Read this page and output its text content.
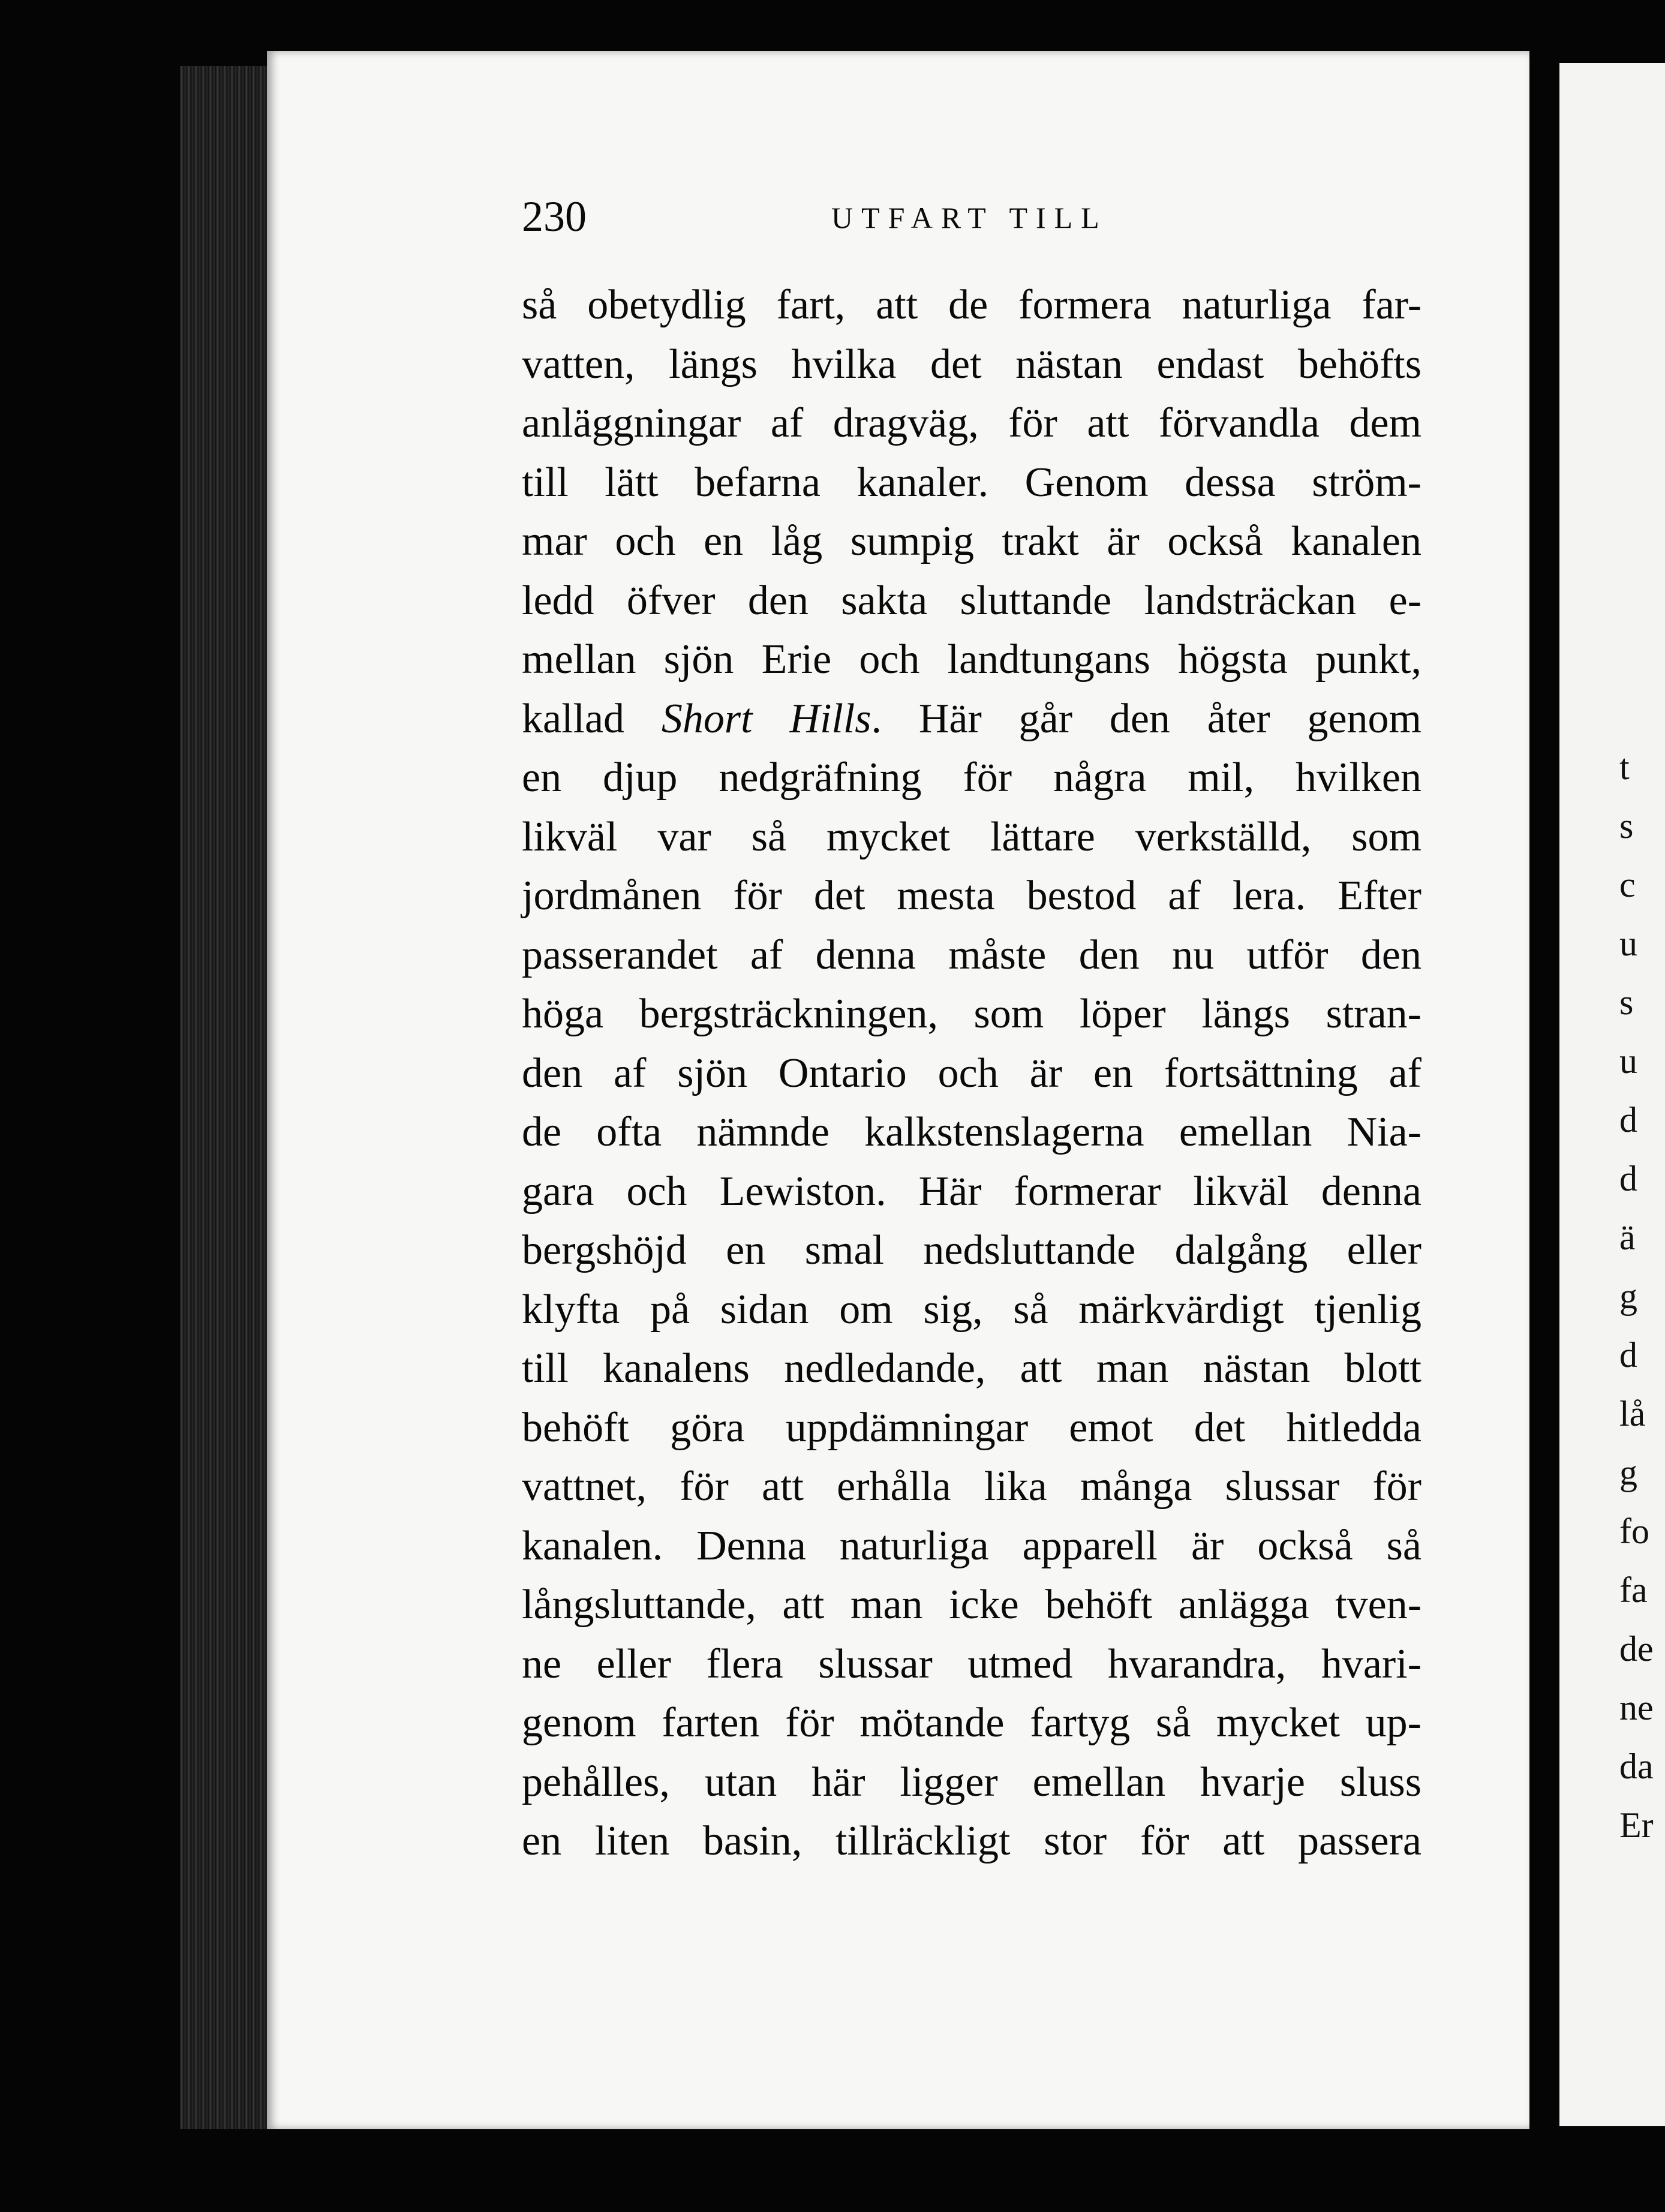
t
s
c
u
s
u
d
d
ä
g
d
lå
g
fo
fa
de
ne
da
Er
230	UTFART TILL
så obetydlig fart, att de formera naturliga far-
vatten, längs hvilka det nästan endast behöfts
anläggningar af dragväg, för att förvandla dem
till lätt befarna kanaler. Genom dessa ström-
mar och en låg sumpig trakt är också kanalen
ledd öfver den sakta sluttande landsträckan e-
mellan sjön Erie och landtungans högsta punkt,
kallad Short Hills. Här går den åter genom
en djup nedgräfning för några mil, hvilken
likväl var så mycket lättare verkställd, som
jordmånen för det mesta bestod af lera. Efter
passerandet af denna måste den nu utför den
höga bergsträckningen, som löper längs stran-
den af sjön Ontario och är en fortsättning af
de ofta nämnde kalkstenslagerna emellan Nia-
gara och Lewiston. Här formerar likväl denna
bergshöjd en smal nedsluttande dalgång eller
klyfta på sidan om sig, så märkvärdigt tjenlig
till kanalens nedledande, att man nästan blott
behöft göra uppdämningar emot det hitledda
vattnet, för att erhålla lika många slussar för
kanalen. Denna naturliga apparell är också så
långsluttande, att man icke behöft anlägga tven-
ne eller flera slussar utmed hvarandra, hvari-
genom farten för mötande fartyg så mycket up-
pehålles, utan här ligger emellan hvarje sluss
en liten basin, tillräckligt stor för att passera
